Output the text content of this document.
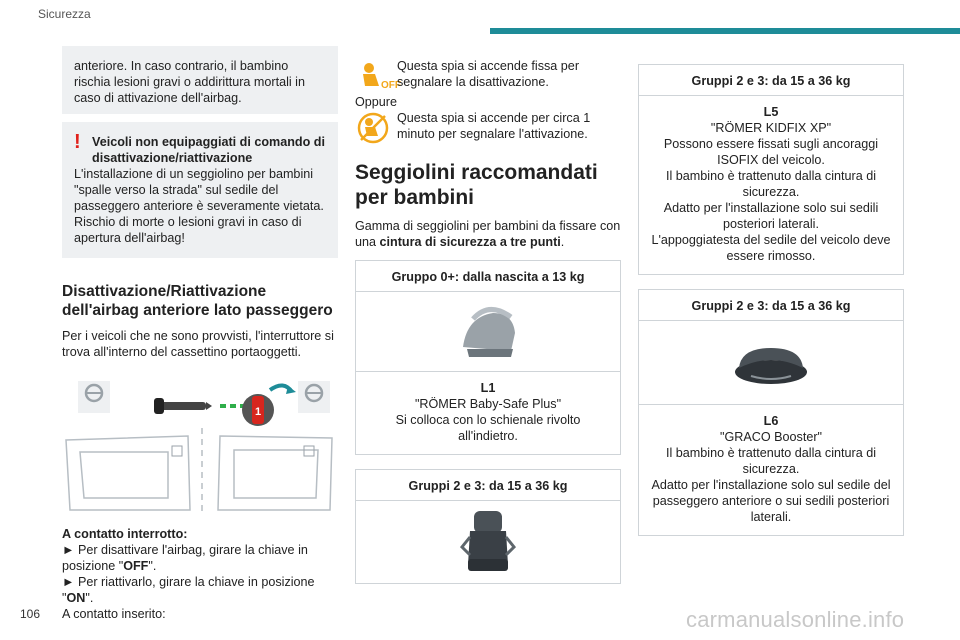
Sicurezza
anteriore. In caso contrario, il bambino rischia lesioni gravi o addirittura mortali in caso di attivazione dell'airbag.
! Veicoli non equipaggiati di comando di disattivazione/riattivazione
L'installazione di un seggiolino per bambini "spalle verso la strada" sul sedile del passeggero anteriore è severamente vietata. Rischio di morte o lesioni gravi in caso di apertura dell'airbag!
Disattivazione/Riattivazione dell'airbag anteriore lato passeggero
Per i veicoli che ne sono provvisti, l'interruttore si trova all'interno del cassettino portaoggetti.
1
A contatto interrotto:
► Per disattivare l'airbag, girare la chiave in posizione "OFF".
► Per riattivarlo, girare la chiave in posizione "ON".
A contatto inserito:
OFF
Questa spia si accende fissa per segnalare la disattivazione.
Oppure
Questa spia si accende per circa 1 minuto per segnalare l'attivazione.
Seggiolini raccomandati per bambini
Gamma di seggiolini per bambini da fissare con una cintura di sicurezza a tre punti.
Gruppo 0+: dalla nascita a 13 kg
L1
"RÖMER Baby-Safe Plus"
Si colloca con lo schienale rivolto all'indietro.
Gruppi 2 e 3: da 15 a 36 kg
Gruppi 2 e 3: da 15 a 36 kg
L5
"RÖMER KIDFIX XP"
Possono essere fissati sugli ancoraggi ISOFIX del veicolo.
Il bambino è trattenuto dalla cintura di sicurezza.
Adatto per l'installazione solo sui sedili posteriori laterali.
L'appoggiatesta del sedile del veicolo deve essere rimosso.
Gruppi 2 e 3: da 15 a 36 kg
L6
"GRACO Booster"
Il bambino è trattenuto dalla cintura di sicurezza.
Adatto per l'installazione solo sul sedile del passeggero anteriore o sui sedili posteriori laterali.
106	carmanualsonline.info
